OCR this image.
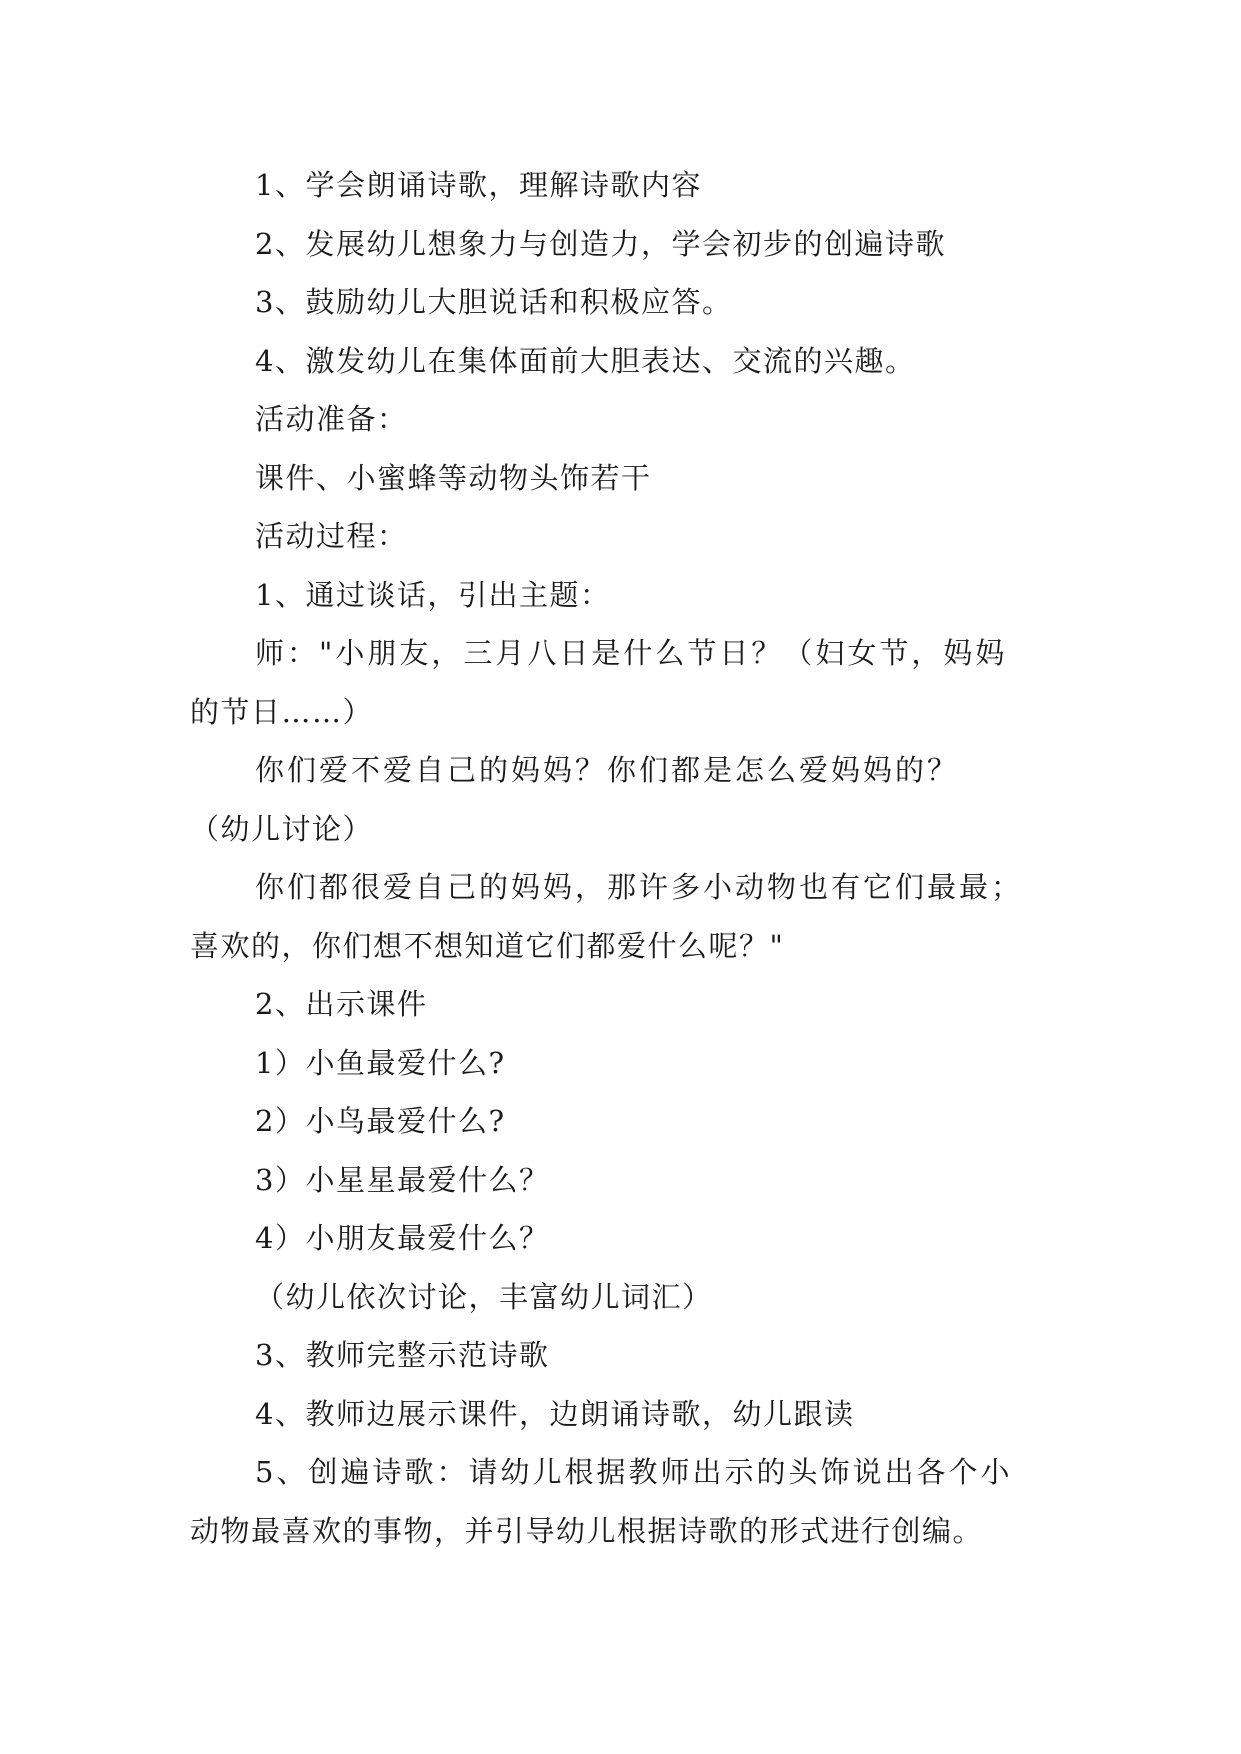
1、学会朗诵诗歌，理解诗歌内容

2、发展幼儿想象力与创造力，学会初步的创遍诗歌

3、鼓励幼儿大胆说话和积极应答。

4、激发幼儿在集体面前大胆表达、交流的兴趣。

活动准备：

课件、小蜜蜂等动物头饰若干

活动过程：

1、通过谈话，引出主题：

师："小朋友，三月八日是什么节日？（妇女节，妈妈

的节日……）

你们爱不爱自己的妈妈？你们都是怎么爱妈妈的？

（幼儿讨论）

你们都很爱自己的妈妈，那许多小动物也有它们最最；

喜欢的，你们想不想知道它们都爱什么呢？"

2、出示课件

1）小鱼最爱什么?

2）小鸟最爱什么?

3）小星星最爱什么？

4）小朋友最爱什么？

（幼儿依次讨论，丰富幼儿词汇）

3、教师完整示范诗歌

4、教师边展示课件，边朗诵诗歌，幼儿跟读

5、创遍诗歌：请幼儿根据教师出示的头饰说出各个小

动物最喜欢的事物，并引导幼儿根据诗歌的形式进行创编。
